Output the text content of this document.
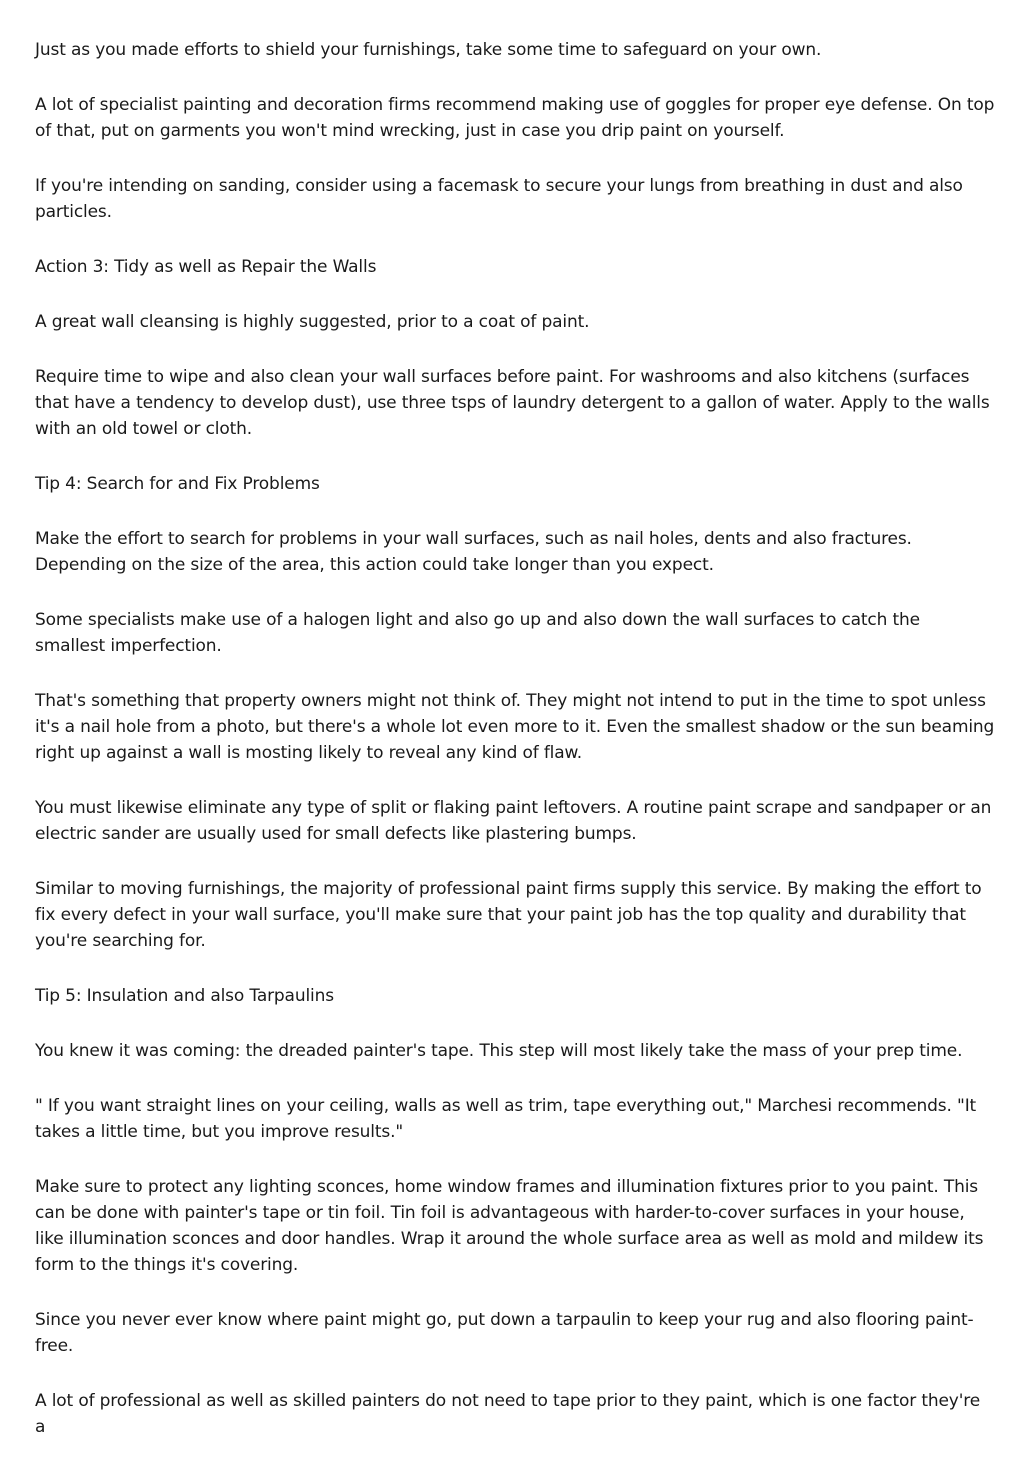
Just as you made efforts to shield your furnishings, take some time to safeguard on your own.

A lot of specialist painting and decoration firms recommend making use of goggles for proper eye defense. On top of that, put on garments you won't mind wrecking, just in case you drip paint on yourself.

If you're intending on sanding, consider using a facemask to secure your lungs from breathing in dust and also particles.

Action 3: Tidy as well as Repair the Walls

A great wall cleansing is highly suggested, prior to a coat of paint.

Require time to wipe and also clean your wall surfaces before paint. For washrooms and also kitchens (surfaces that have a tendency to develop dust), use three tsps of laundry detergent to a gallon of water. Apply to the walls with an old towel or cloth.

Tip 4: Search for and Fix Problems

Make the effort to search for problems in your wall surfaces, such as nail holes, dents and also fractures. Depending on the size of the area, this action could take longer than you expect.

Some specialists make use of a halogen light and also go up and also down the wall surfaces to catch the smallest imperfection.

That's something that property owners might not think of. They might not intend to put in the time to spot unless it's a nail hole from a photo, but there's a whole lot even more to it. Even the smallest shadow or the sun beaming right up against a wall is mosting likely to reveal any kind of flaw.

You must likewise eliminate any type of split or flaking paint leftovers. A routine paint scrape and sandpaper or an electric sander are usually used for small defects like plastering bumps.

Similar to moving furnishings, the majority of professional paint firms supply this service. By making the effort to fix every defect in your wall surface, you'll make sure that your paint job has the top quality and durability that you're searching for.

Tip 5: Insulation and also Tarpaulins

You knew it was coming: the dreaded painter's tape. This step will most likely take the mass of your prep time.

" If you want straight lines on your ceiling, walls as well as trim, tape everything out," Marchesi recommends. "It takes a little time, but you improve results."

Make sure to protect any lighting sconces, home window frames and illumination fixtures prior to you paint. This can be done with painter's tape or tin foil. Tin foil is advantageous with harder-to-cover surfaces in your house, like illumination sconces and door handles. Wrap it around the whole surface area as well as mold and mildew its form to the things it's covering.

Since you never ever know where paint might go, put down a tarpaulin to keep your rug and also flooring paint-free.

A lot of professional as well as skilled painters do not need to tape prior to they paint, which is one factor they're a
